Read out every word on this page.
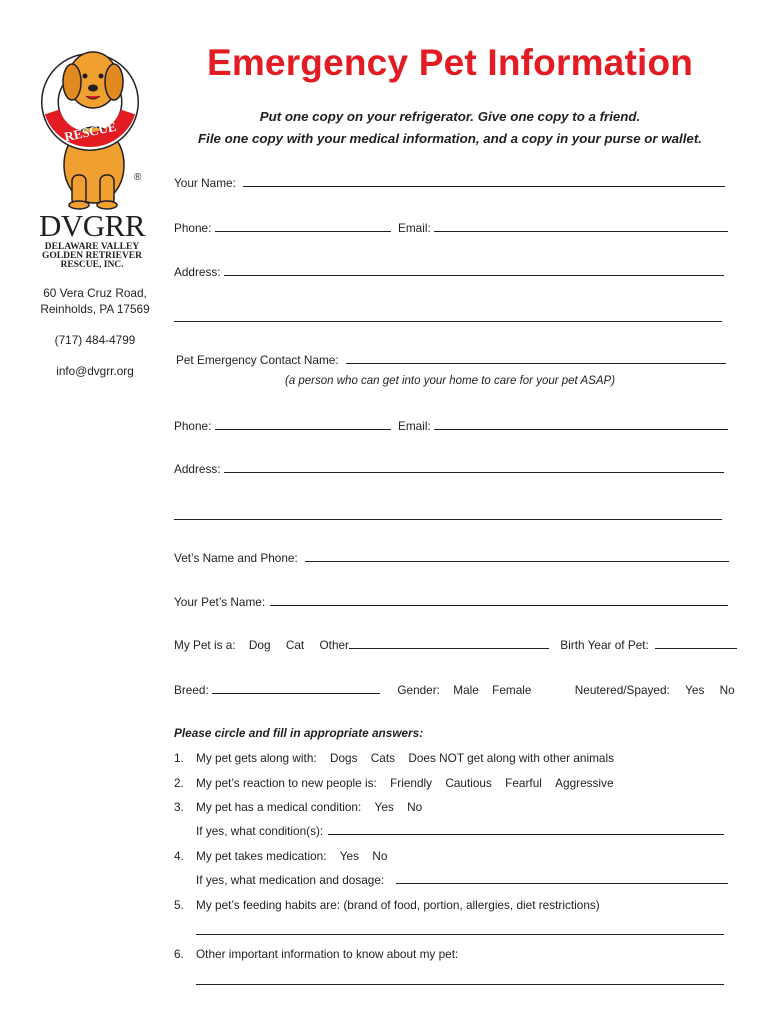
RESCUE
®
DVGRR
DELAWARE VALLEY
GOLDEN RETRIEVER
RESCUE, INC.
60 Vera Cruz Road,
Reinholds, PA 17569
(717) 484-4799
info@dvgrr.org
Emergency Pet Information
Put one copy on your refrigerator. Give one copy to a friend.
File one copy with your medical information, and a copy in your purse or wallet.
Your Name:
Phone:	Email:
Address:
Pet Emergency Contact Name:
(a person who can get into your home to care for your pet ASAP)
Phone:	Email:
Address:
Vet’s Name and Phone:
Your Pet’s Name:
My Pet is a: Dog Cat Other	Birth Year of Pet:
Breed:	Gender: Male Female	Neutered/Spayed: Yes No
Please circle and fill in appropriate answers:
1. My pet gets along with: Dogs Cats Does NOT get along with other animals
2. My pet’s reaction to new people is: Friendly Cautious Fearful Aggressive
3. My pet has a medical condition: Yes No
If yes, what condition(s):
4. My pet takes medication: Yes No
If yes, what medication and dosage:
5. My pet’s feeding habits are: (brand of food, portion, allergies, diet restrictions)
6. Other important information to know about my pet:
